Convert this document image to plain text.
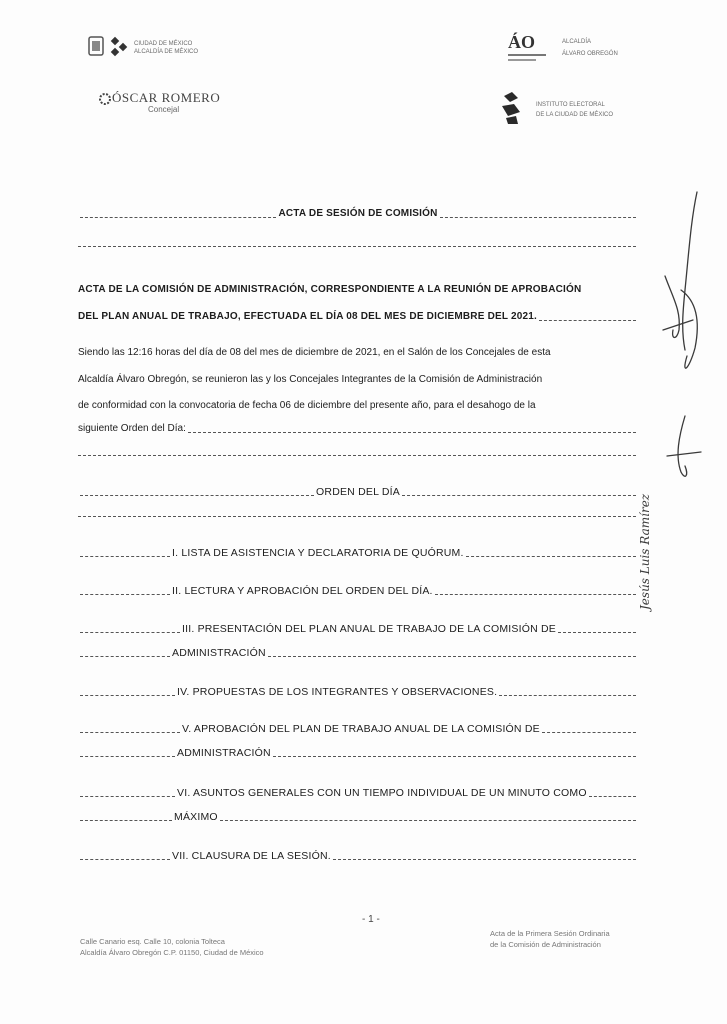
CIUDAD DE MÉXICO
ALCALDÍA DE MÉXICO
ÓSCAR ROMERO
Concejal
ÁO	ALCALDÍA
ÁLVARO OBREGÓN
INSTITUTO ELECTORAL
DE LA CIUDAD DE MÉXICO
ACTA DE SESIÓN DE COMISIÓN
ACTA DE LA COMISIÓN DE ADMINISTRACIÓN, CORRESPONDIENTE A LA REUNIÓN DE APROBACIÓN
DEL PLAN ANUAL DE TRABAJO, EFECTUADA EL DÍA 08 DEL MES DE DICIEMBRE DEL 2021.
Siendo las 12:16 horas del día de 08 del mes de diciembre de 2021, en el Salón de los Concejales de esta
Alcaldía Álvaro Obregón, se reunieron las y los Concejales Integrantes de la Comisión de Administración
de conformidad con la convocatoria de fecha 06 de diciembre del presente año, para el desahogo de la
siguiente Orden del Día:
ORDEN DEL DÍA
I. LISTA DE ASISTENCIA Y DECLARATORIA DE QUÓRUM.
II. LECTURA Y APROBACIÓN DEL ORDEN DEL DÍA.
III. PRESENTACIÓN DEL PLAN ANUAL DE TRABAJO DE LA COMISIÓN DE
ADMINISTRACIÓN
IV. PROPUESTAS DE LOS INTEGRANTES Y OBSERVACIONES.
V. APROBACIÓN DEL PLAN DE TRABAJO ANUAL DE LA COMISIÓN DE
ADMINISTRACIÓN
VI. ASUNTOS GENERALES CON UN TIEMPO INDIVIDUAL DE UN MINUTO COMO
MÁXIMO
VII. CLAUSURA DE LA SESIÓN.
- 1 -
Calle Canario esq. Calle 10, colonia Tolteca
Alcaldía Álvaro Obregón C.P. 01150, Ciudad de México
Acta de la Primera Sesión Ordinaria
de la Comisión de Administración
Jesús Luis Ramírez
